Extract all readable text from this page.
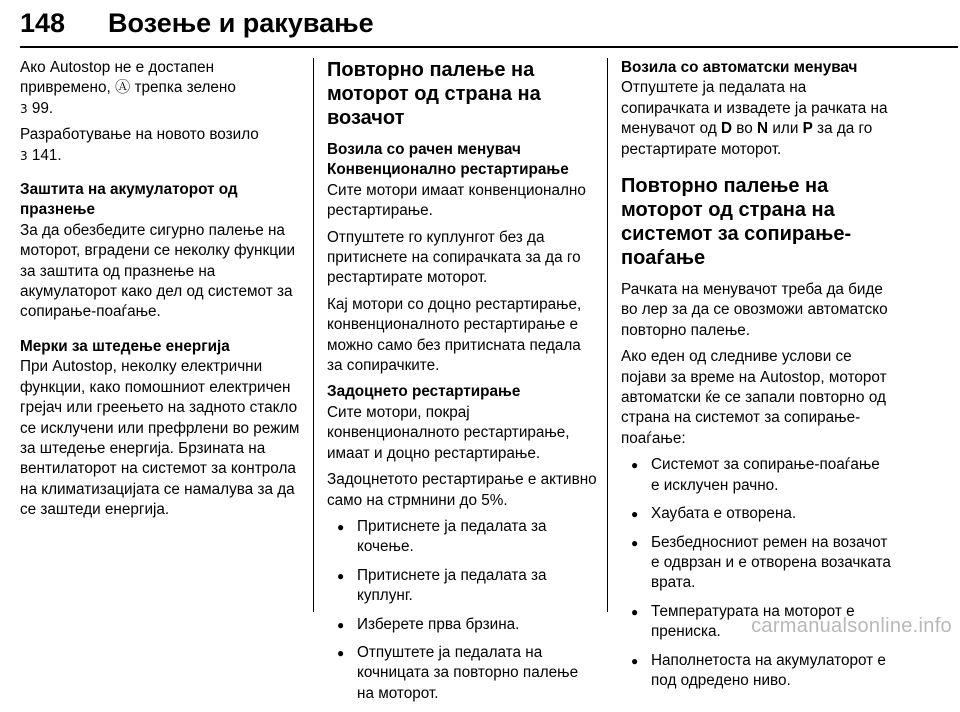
148	Возење и ракување

Ако Autostop не е достапен привремено, Ⓐ трепка зелено
3 99.

Разработување на новото возило
3 141.

Заштита на акумулаторот од празнење

За да обезбедите сигурно палење на моторот, вградени се неколку функции за заштита од празнење на акумулаторот како дел од системот за сопирање-поаѓање.

Мерки за штедење енергија

При Autostop, неколку електрични функции, како помошниот електричен грејач или греењето на задното стакло се исклучени или префрлени во режим за штедење енергија. Брзината на вентилаторот на системот за контрола на климатизацијата се намалува за да се заштеди енергија.

Повторно палење на моторот од страна на возачот
Возила со рачен менувач
Конвенционално рестартирање

Сите мотори имаат конвенционално рестартирање.

Отпуштете го куплунгот без да притиснете на сопирачката за да го рестартирате моторот.

Кај мотори со доцно рестартирање, конвенционалното рестартирање е можно само без притисната педала за сопирачките.

Задоцнето рестартирање

Сите мотори, покрај конвенционалното рестартирање, имаат и доцно рестартирање.

Задоцнетото рестартирање е активно само на стрмнини до 5%.

● Притиснете ја педалата за кочење.
● Притиснете ја педалата за куплунг.
● Изберете прва брзина.
● Отпуштете ја педалата на кочницата за повторно палење на моторот.
Возила со автоматски менувач

Отпуштете ја педалата на сопирачката и извадете ја рачката на менувачот од D во N или P за да го рестартирате моторот.

Повторно палење на моторот од страна на системот за сопирање-поаѓање

Рачката на менувачот треба да биде во лер за да се овозможи автоматско повторно палење.

Ако еден од следниве услови се појави за време на Autostop, моторот автоматски ќе се запали повторно од страна на системот за сопирање-поаѓање:

● Системот за сопирање-поаѓање е исклучен рачно.
● Хаубата е отворена.
● Безбедносниот ремен на возачот е одврзан и е отворена возачката врата.
● Температурата на моторот е прениска.
● Наполнетоста на акумулаторот е под одредено ниво.
carmanualsonline.info
